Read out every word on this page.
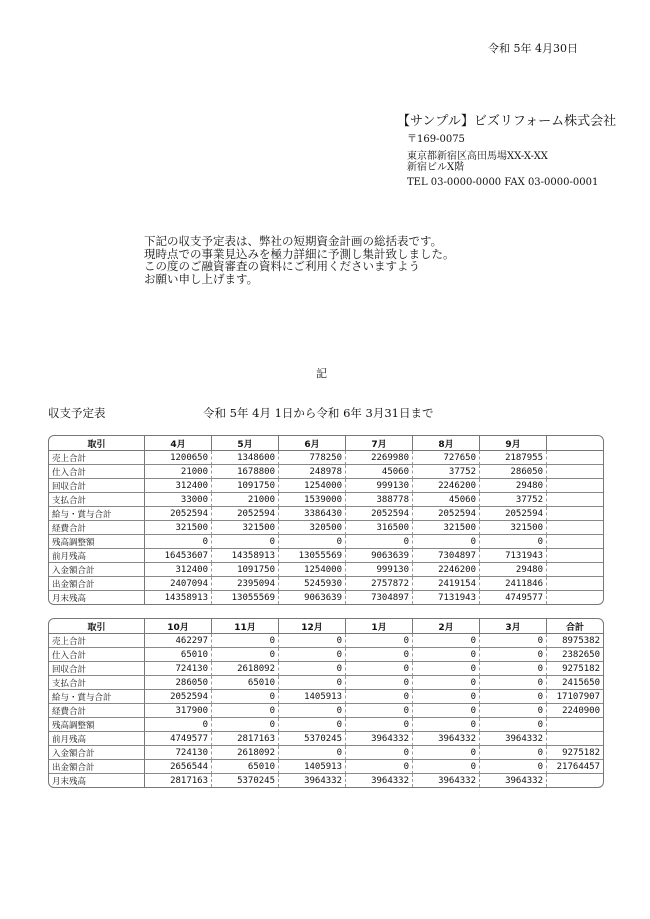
令和 5年 4月30日
【サンプル】ビズリフォーム株式会社
〒169-0075
東京都新宿区高田馬場XX-X-XX
新宿ビルX階
TEL 03-0000-0000 FAX 03-0000-0001
下記の収支予定表は、弊社の短期資金計画の総括表です。
現時点での事業見込みを極力詳細に予測し集計致しました。
この度のご融資審査の資料にご利用くださいますよう
お願い申し上げます。
記
収支予定表	令和 5年 4月 1日から令和 6年 3月31日まで
取引	4月	5月	6月	7月	8月	9月	
売上合計	1200650	1348600	778250	2269980	727650	2187955	
仕入合計	21000	1678800	248978	45060	37752	286050	
回収合計	312400	1091750	1254000	999130	2246200	29480	
支払合計	33000	21000	1539000	388778	45060	37752	
給与・賞与合計	2052594	2052594	3386430	2052594	2052594	2052594	
経費合計	321500	321500	320500	316500	321500	321500	
残高調整額	0	0	0	0	0	0	
前月残高	16453607	14358913	13055569	9063639	7304897	7131943	
入金額合計	312400	1091750	1254000	999130	2246200	29480	
出金額合計	2407094	2395094	5245930	2757872	2419154	2411846	
月末残高	14358913	13055569	9063639	7304897	7131943	4749577	
取引	10月	11月	12月	1月	2月	3月	合計
売上合計	462297	0	0	0	0	0	8975382
仕入合計	65010	0	0	0	0	0	2382650
回収合計	724130	2618092	0	0	0	0	9275182
支払合計	286050	65010	0	0	0	0	2415650
給与・賞与合計	2052594	0	1405913	0	0	0	17107907
経費合計	317900	0	0	0	0	0	2240900
残高調整額	0	0	0	0	0	0	
前月残高	4749577	2817163	5370245	3964332	3964332	3964332	
入金額合計	724130	2618092	0	0	0	0	9275182
出金額合計	2656544	65010	1405913	0	0	0	21764457
月末残高	2817163	5370245	3964332	3964332	3964332	3964332	
